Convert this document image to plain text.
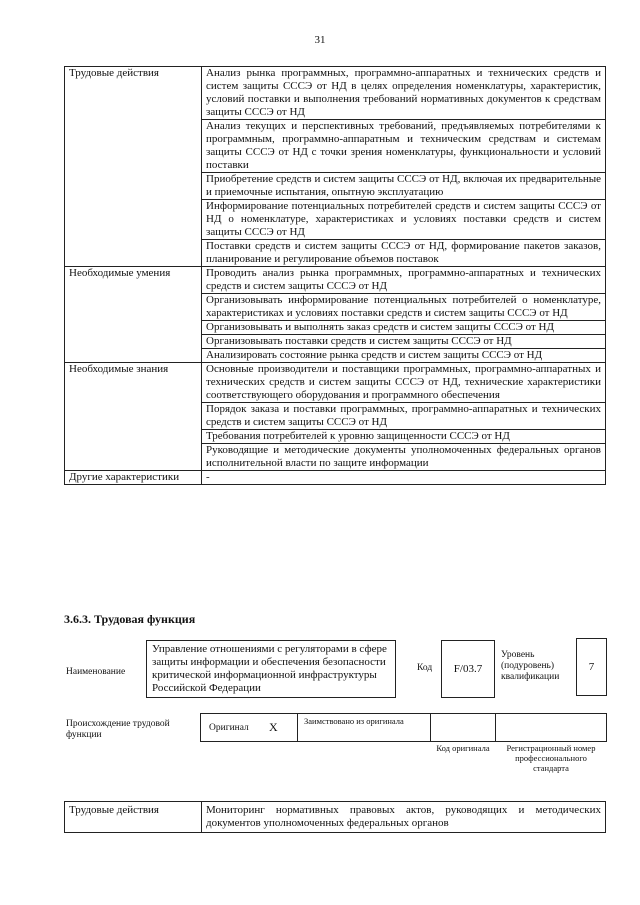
31
Трудовые действия	Анализ рынка программных, программно-аппаратных и технических средств и систем защиты СССЭ от НД в целях определения номенклатуры, характеристик, условий поставки и выполнения требований нормативных документов к средствам защиты СССЭ от НД
	Анализ текущих и перспективных требований, предъявляемых потребителями к программным, программно-аппаратным и техническим средствам и системам защиты СССЭ от НД с точки зрения номенклатуры, функциональности и условий поставки
	Приобретение средств и систем защиты СССЭ от НД, включая их предварительные и приемочные испытания, опытную эксплуатацию
	Информирование потенциальных потребителей средств и систем защиты СССЭ от НД о номенклатуре, характеристиках и условиях поставки средств и систем защиты СССЭ от НД
	Поставки средств и систем защиты СССЭ от НД, формирование пакетов заказов, планирование и регулирование объемов поставок
Необходимые умения	Проводить анализ рынка программных, программно-аппаратных и технических средств и систем защиты СССЭ от НД
	Организовывать информирование потенциальных потребителей о номенклатуре, характеристиках и условиях поставки средств и систем защиты СССЭ от НД
	Организовывать и выполнять заказ средств и систем защиты СССЭ от НД
	Организовывать поставки средств и систем защиты СССЭ от НД
	Анализировать состояние рынка средств и систем защиты СССЭ от НД
Необходимые знания	Основные производители и поставщики программных, программно-аппаратных и технических средств и систем защиты СССЭ от НД, технические характеристики соответствующего оборудования и программного обеспечения
	Порядок заказа и поставки программных, программно-аппаратных и технических средств и систем защиты СССЭ от НД
	Требования потребителей к уровню защищенности СССЭ от НД
	Руководящие и методические документы уполномоченных федеральных органов исполнительной власти по защите информации
Другие характеристики	-
3.6.3. Трудовая функция
Наименование
Управление отношениями с регуляторами в сфере защиты информации и обеспечения безопасности критической информационной инфраструктуры Российской Федерации
Код F/03.7
Уровень (подуровень) квалификации
7
Происхождение трудовой функции
Оригинал X	Заимствовано из оригинала
Код оригинала	Регистрационный номер профессионального стандарта
Трудовые действия	Мониторинг нормативных правовых актов, руководящих и методических документов уполномоченных федеральных органов
